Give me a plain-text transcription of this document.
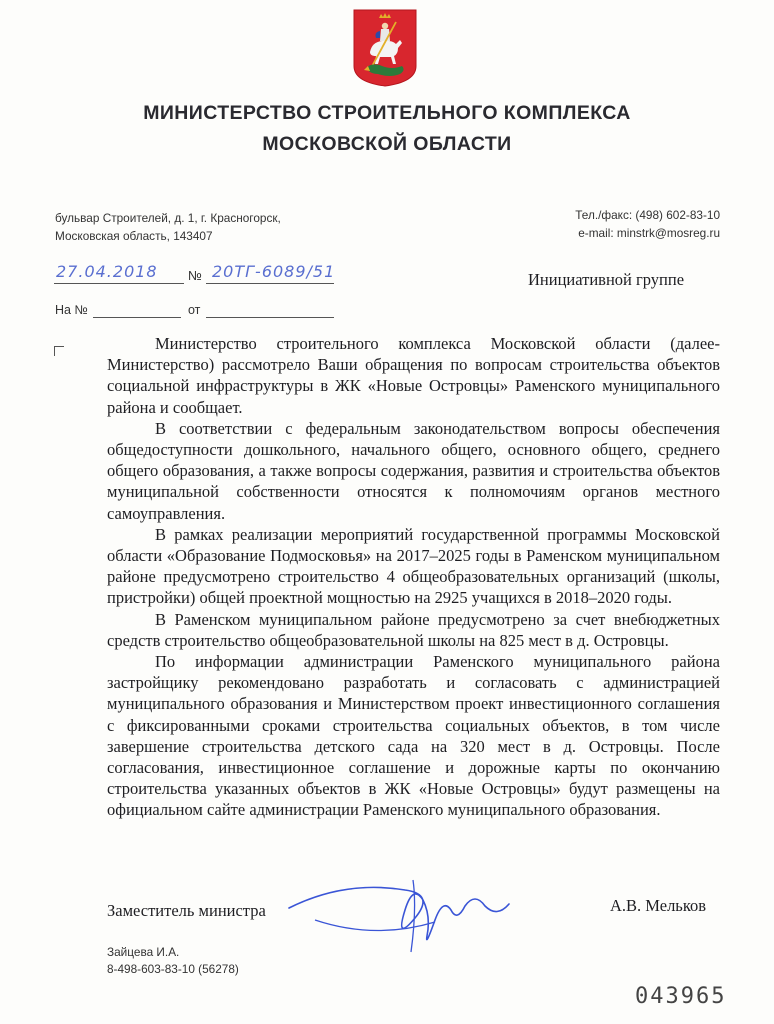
МИНИСТЕРСТВО СТРОИТЕЛЬНОГО КОМПЛЕКСА
МОСКОВСКОЙ ОБЛАСТИ
бульвар Строителей, д. 1, г. Красногорск,
Московская область, 143407
Тел./факс: (498) 602-83-10
e-mail: minstrk@mosreg.ru
27.04.2018 № 20ТГ-6089/51
На №	от
Инициативной группе

Министерство строительного комплекса Московской области (далее-Министерство) рассмотрело Ваши обращения по вопросам строительства объектов социальной инфраструктуры в ЖК «Новые Островцы» Раменского муниципального района и сообщает.

В соответствии с федеральным законодательством вопросы обеспечения общедоступности дошкольного, начального общего, основного общего, среднего общего образования, а также вопросы содержания, развития и строительства объектов муниципальной собственности относятся к полномочиям органов местного самоуправления.

В рамках реализации мероприятий государственной программы Московской области «Образование Подмосковья» на 2017–2025 годы в Раменском муниципальном районе предусмотрено строительство 4 общеобразовательных организаций (школы, пристройки) общей проектной мощностью на 2925 учащихся в 2018–2020 годы.

В Раменском муниципальном районе предусмотрено за счет внебюджетных средств строительство общеобразовательной школы на 825 мест в д. Островцы.

По информации администрации Раменского муниципального района застройщику рекомендовано разработать и согласовать с администрацией муниципального образования и Министерством проект инвестиционного соглашения с фиксированными сроками строительства социальных объектов, в том числе завершение строительства детского сада на 320 мест в д. Островцы. После согласования, инвестиционное соглашение и дорожные карты по окончанию строительства указанных объектов в ЖК «Новые Островцы» будут размещены на официальном сайте администрации Раменского муниципального образования.

Заместитель министра	А.В. Мельков
Зайцева И.А.
8-498-603-83-10 (56278)
043965
